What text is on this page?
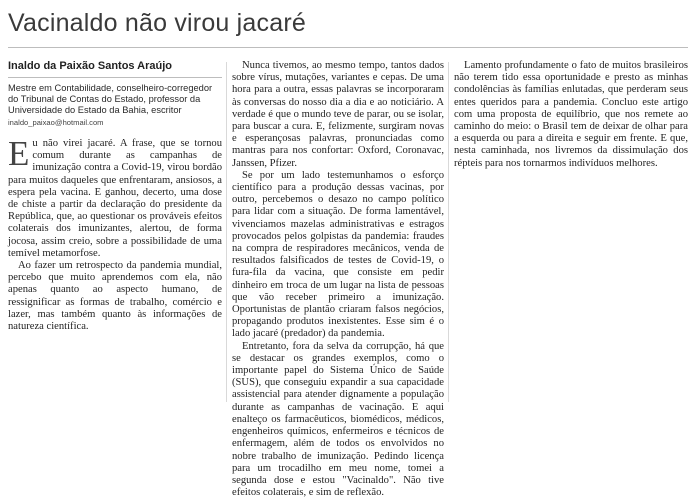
Vacinaldo não virou jacaré
Inaldo da Paixão Santos Araújo

Mestre em Contabilidade, conselheiro-corregedor do Tribunal de Contas do Estado, professor da Universidade do Estado da Bahia, escritor

inaldo_paixao@hotmail.com

Eu não virei jacaré. A frase, que se tornou comum durante as campanhas de imunização contra a Covid-19, virou bordão para muitos daqueles que enfrentaram, ansiosos, a espera pela vacina. E ganhou, decerto, uma dose de chiste a partir da declaração do presidente da República, que, ao questionar os prováveis efeitos colaterais dos imunizantes, alertou, de forma jocosa, assim creio, sobre a possibilidade de uma temível metamorfose.

Ao fazer um retrospecto da pandemia mundial, percebo que muito aprendemos com ela, não apenas quanto ao aspecto humano, de ressignificar as formas de trabalho, comércio e lazer, mas também quanto às informações de natureza científica.

Nunca tivemos, ao mesmo tempo, tantos dados sobre vírus, mutações, variantes e cepas. De uma hora para a outra, essas palavras se incorporaram às conversas do nosso dia a dia e ao noticiário. A verdade é que o mundo teve de parar, ou se isolar, para buscar a cura. E, felizmente, surgiram novas e esperançosas palavras, pronunciadas como mantras para nos confortar: Oxford, Coronavac, Janssen, Pfizer.

Se por um lado testemunhamos o esforço científico para a produção dessas vacinas, por outro, percebemos o desazo no campo político para lidar com a situação. De forma lamentável, vivenciamos mazelas administrativas e estragos provocados pelos golpistas da pandemia: fraudes na compra de respiradores mecânicos, venda de resultados falsificados de testes de Covid-19, o fura-fila da vacina, que consiste em pedir dinheiro em troca de um lugar na lista de pessoas que vão receber primeiro a imunização. Oportunistas de plantão criaram falsos negócios, propagando produtos inexistentes. Esse sim é o lado jacaré (predador) da pandemia.

Entretanto, fora da selva da corrupção, há que se destacar os grandes exemplos, como o importante papel do Sistema Único de Saúde (SUS), que conseguiu expandir a sua capacidade assistencial para atender dignamente a população durante as campanhas de vacinação. E aqui enalteço os farmacêuticos, biomédicos, médicos, engenheiros químicos, enfermeiros e técnicos de enfermagem, além de todos os envolvidos no nobre trabalho de imunização. Pedindo licença para um trocadilho em meu nome, tomei a segunda dose e estou "Vacinaldo". Não tive efeitos colaterais, e sim de reflexão.

Lamento profundamente o fato de muitos brasileiros não terem tido essa oportunidade e presto as minhas condolências às famílias enlutadas, que perderam seus entes queridos para a pandemia. Concluo este artigo com uma proposta de equilíbrio, que nos remete ao caminho do meio: o Brasil tem de deixar de olhar para a esquerda ou para a direita e seguir em frente. E que, nesta caminhada, nos livremos da dissimulação dos répteis para nos tornarmos indivíduos melhores.
